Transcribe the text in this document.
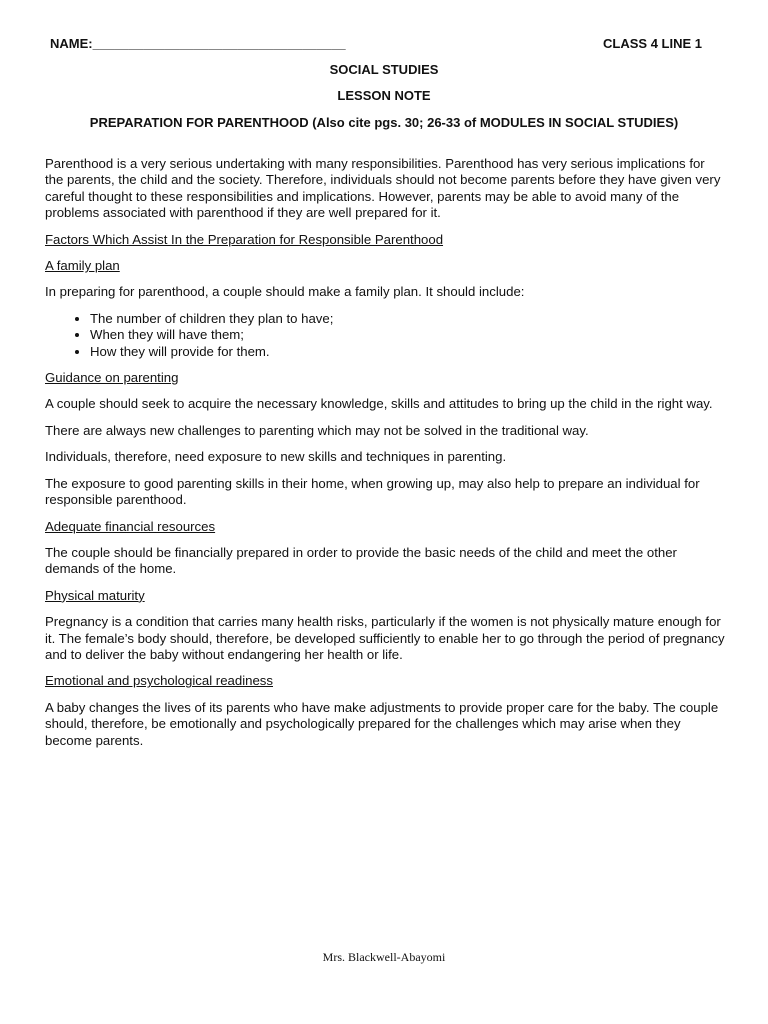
NAME:___________________________________	CLASS 4 LINE 1
SOCIAL STUDIES
LESSON NOTE
PREPARATION FOR PARENTHOOD (Also cite pgs. 30; 26-33 of MODULES IN SOCIAL STUDIES)

Parenthood is a very serious undertaking with many responsibilities. Parenthood has very serious implications for the parents, the child and the society. Therefore, individuals should not become parents before they have given very careful thought to these responsibilities and implications. However, parents may be able to avoid many of the problems associated with parenthood if they are well prepared for it.

Factors Which Assist In the Preparation for Responsible Parenthood

A family plan

In preparing for parenthood, a couple should make a family plan. It should include:

• The number of children they plan to have;
• When they will have them;
• How they will provide for them.

Guidance on parenting

A couple should seek to acquire the necessary knowledge, skills and attitudes to bring up the child in the right way.

There are always new challenges to parenting which may not be solved in the traditional way.

Individuals, therefore, need exposure to new skills and techniques in parenting.

The exposure to good parenting skills in their home, when growing up, may also help to prepare an individual for responsible parenthood.

Adequate financial resources

The couple should be financially prepared in order to provide the basic needs of the child and meet the other demands of the home.

Physical maturity

Pregnancy is a condition that carries many health risks, particularly if the women is not physically mature enough for it. The female’s body should, therefore, be developed sufficiently to enable her to go through the period of pregnancy and to deliver the baby without endangering her health or life.

Emotional and psychological readiness

A baby changes the lives of its parents who have make adjustments to provide proper care for the baby. The couple should, therefore, be emotionally and psychologically prepared for the challenges which may arise when they become parents.

Mrs. Blackwell-Abayomi
